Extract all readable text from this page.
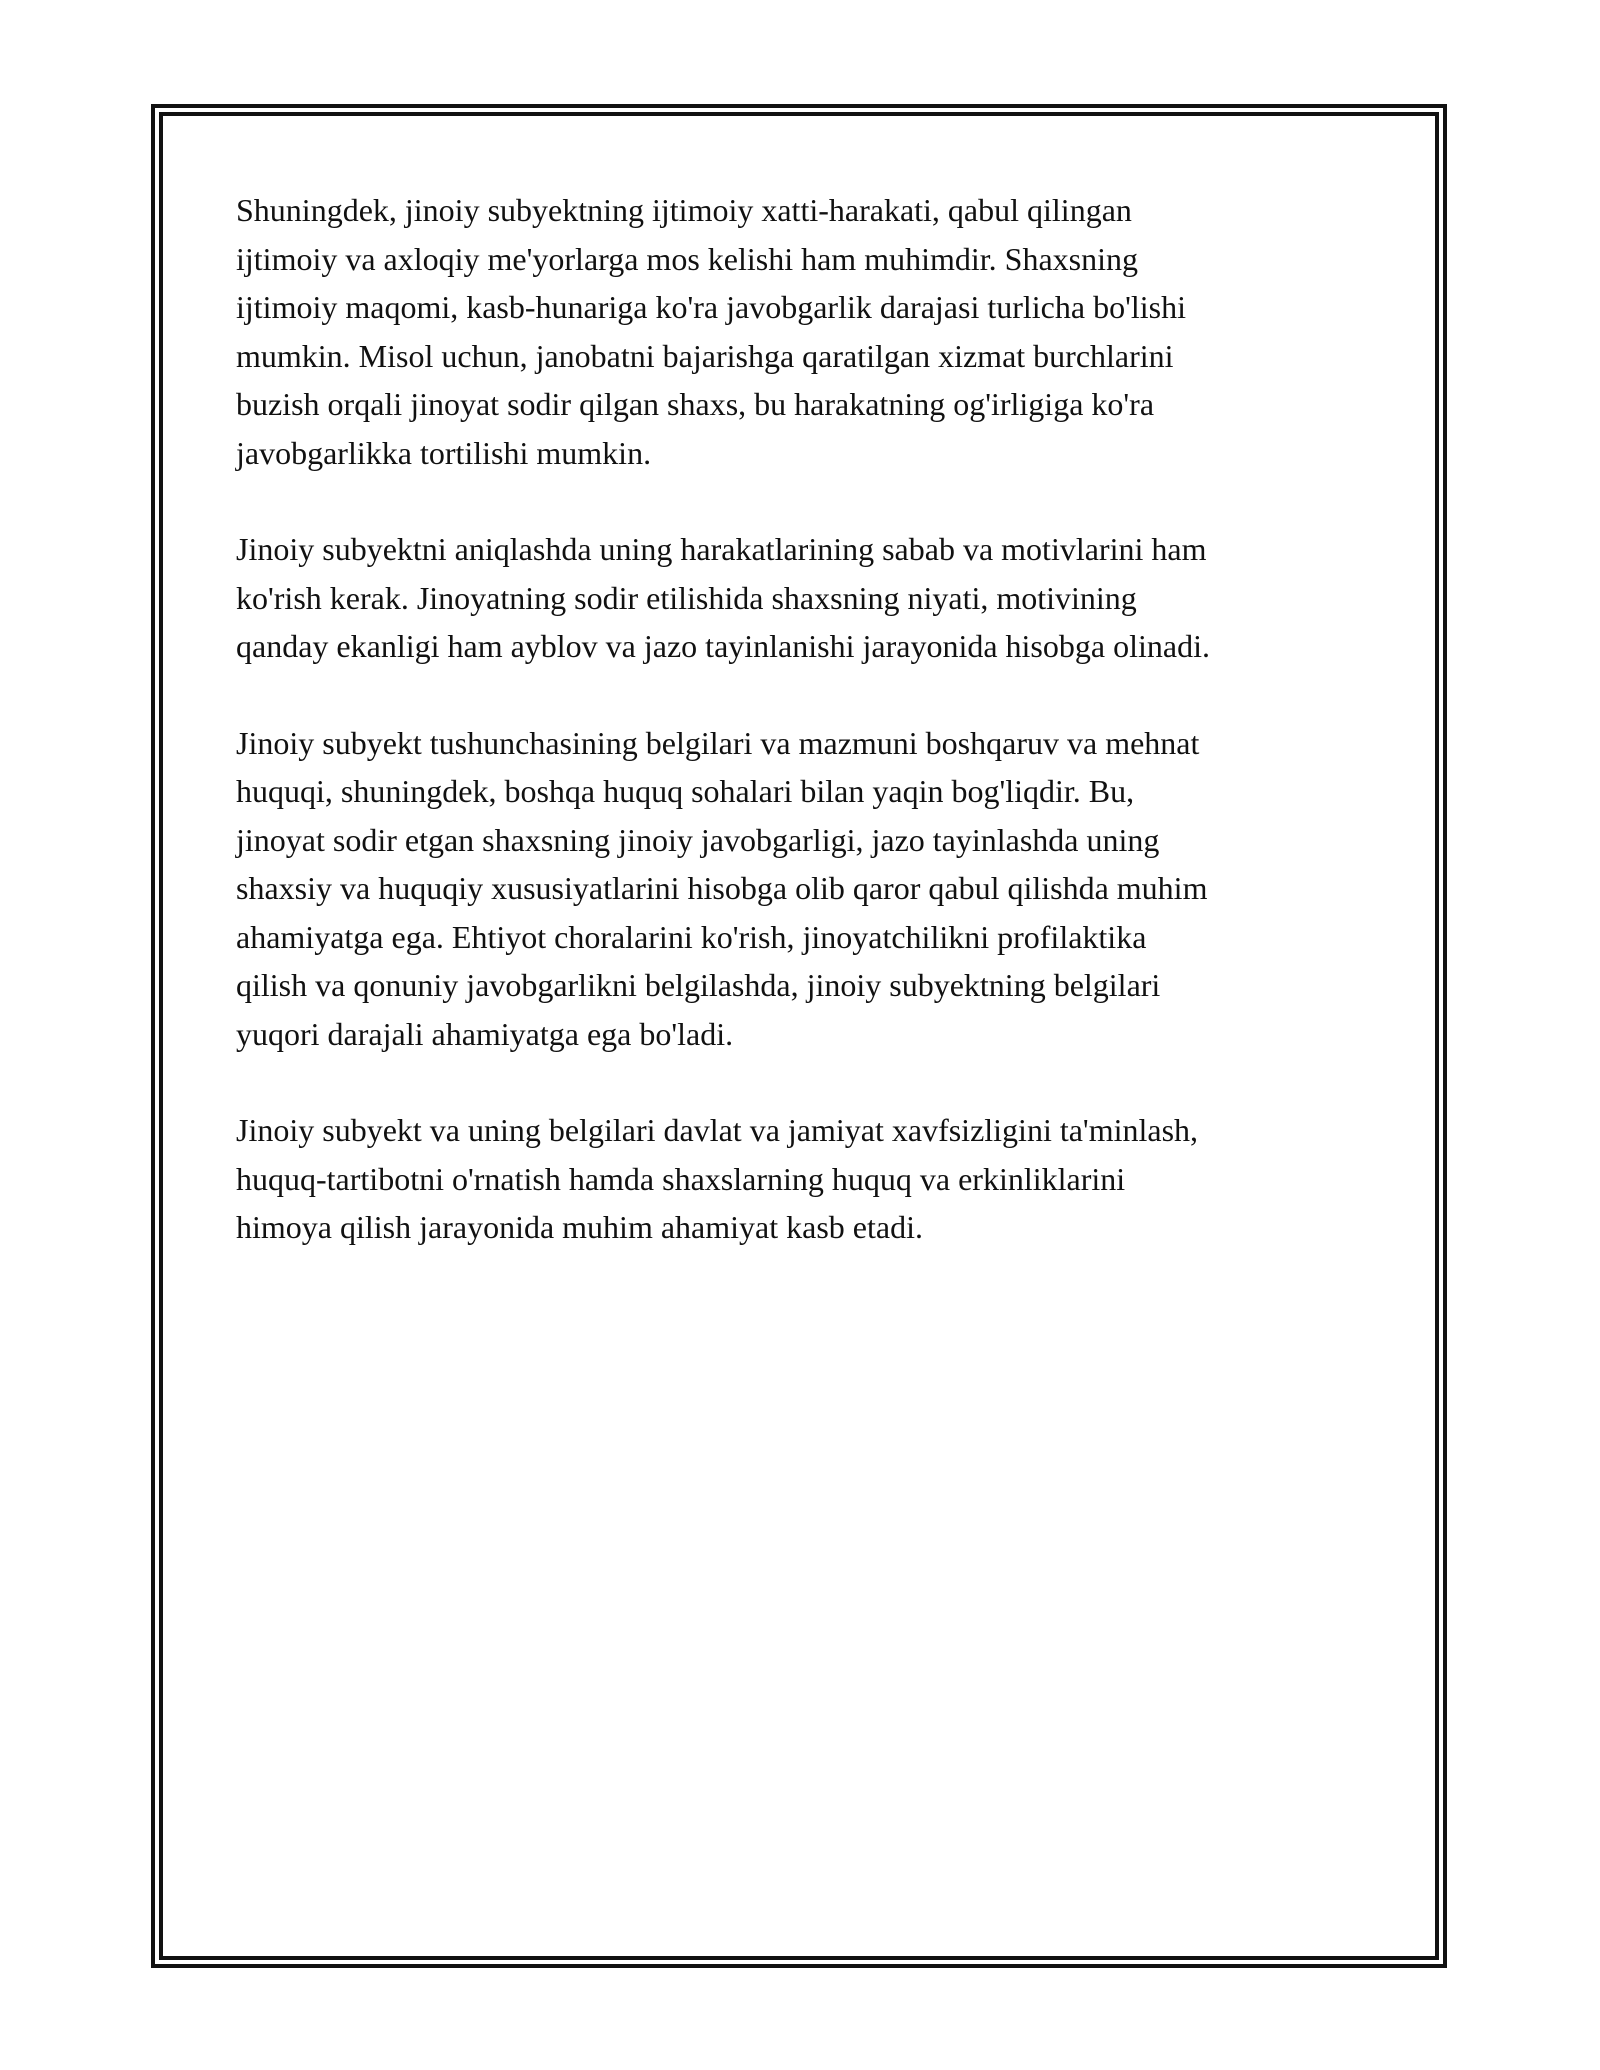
Shuningdek, jinoiy subyektning ijtimoiy xatti-harakati, qabul qilingan
ijtimoiy va axloqiy me'yorlarga mos kelishi ham muhimdir. Shaxsning
ijtimoiy maqomi, kasb-hunariga ko'ra javobgarlik darajasi turlicha bo'lishi
mumkin. Misol uchun, janobatni bajarishga qaratilgan xizmat burchlarini
buzish orqali jinoyat sodir qilgan shaxs, bu harakatning og'irligiga ko'ra
javobgarlikka tortilishi mumkin.

Jinoiy subyektni aniqlashda uning harakatlarining sabab va motivlarini ham
ko'rish kerak. Jinoyatning sodir etilishida shaxsning niyati, motivining
qanday ekanligi ham ayblov va jazo tayinlanishi jarayonida hisobga olinadi.

Jinoiy subyekt tushunchasining belgilari va mazmuni boshqaruv va mehnat
huquqi, shuningdek, boshqa huquq sohalari bilan yaqin bog'liqdir. Bu,
jinoyat sodir etgan shaxsning jinoiy javobgarligi, jazo tayinlashda uning
shaxsiy va huquqiy xususiyatlarini hisobga olib qaror qabul qilishda muhim
ahamiyatga ega. Ehtiyot choralarini ko'rish, jinoyatchilikni profilaktika
qilish va qonuniy javobgarlikni belgilashda, jinoiy subyektning belgilari
yuqori darajali ahamiyatga ega bo'ladi.

Jinoiy subyekt va uning belgilari davlat va jamiyat xavfsizligini ta'minlash,
huquq-tartibotni o'rnatish hamda shaxslarning huquq va erkinliklarini
himoya qilish jarayonida muhim ahamiyat kasb etadi.
